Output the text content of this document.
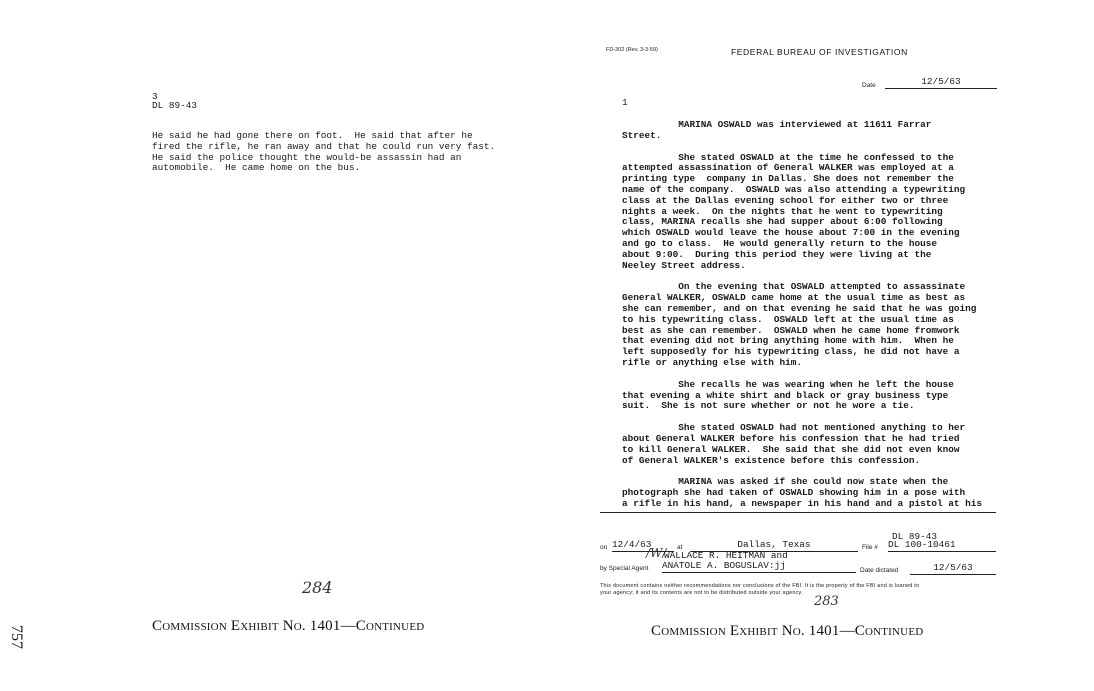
3
DL 89-43
He said he had gone there on foot.  He said that after he
fired the rifle, he ran away and that he could run very fast.
He said the police thought the would-be assassin had an
automobile.  He came home on the bus.
284
Commission Exhibit No. 1401—Continued
757
FD-302 (Rev. 3-3-59)	FEDERAL BUREAU OF INVESTIGATION
Date	12/5/63
1
MARINA OSWALD was interviewed at 11611 Farrar
Street.
She stated OSWALD at the time he confessed to the
attempted assassination of General WALKER was employed at a
printing type  company in Dallas. She does not remember the
name of the company.  OSWALD was also attending a typewriting
class at the Dallas evening school for either two or three
nights a week.  On the nights that he went to typewriting
class, MARINA recalls she had supper about 6:00 following
which OSWALD would leave the house about 7:00 in the evening
and go to class.  He would generally return to the house
about 9:00.  During this period they were living at the
Neeley Street address.
On the evening that OSWALD attempted to assassinate
General WALKER, OSWALD came home at the usual time as best as
she can remember, and on that evening he said that he was going
to his typewriting class.  OSWALD left at the usual time as
best as she can remember.  OSWALD when he came home fromwork
that evening did not bring anything home with him.  When he
left supposedly for his typewriting class, he did not have a
rifle or anything else with him.
She recalls he was wearing when he left the house
that evening a white shirt and black or gray business type
suit.  She is not sure whether or not he wore a tie.
She stated OSWALD had not mentioned anything to her
about General WALKER before his confession that he had tried
to kill General WALKER.  She said that she did not even know
of General WALKER's existence before this confession.
MARINA was asked if she could now state when the
photograph she had taken of OSWALD showing him in a pose with
a rifle in his hand, a newspaper in his hand and a pistol at his
DL 89-43
on 12/4/63	at	Dallas, Texas	File # DL 100-10461
/W/
WALLACE R. HEITMAN and
by Special Agent ANATOLE A. BOGUSLAV:jj	Date dictated	12/5/63
This document contains neither recommendations nor conclusions of the FBI. It is the property of the FBI and is loaned to
your agency; it and its contents are not to be distributed outside your agency.
283
Commission Exhibit No. 1401—Continued
